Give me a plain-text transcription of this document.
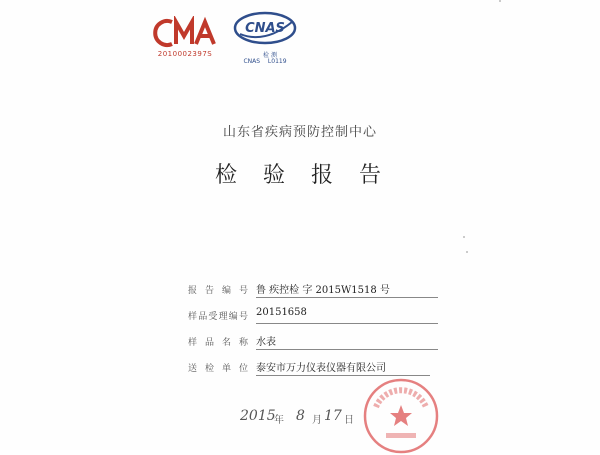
2010002397S
CNAS
检 测
CNAS L0119
山东省疾病预防控制中心
检验报告
报告编号 鲁 疾控检 字 2015W1518 号
样品受理编号 20151658
样品名称 水表
送检单位 泰安市万力仪表仪器有限公司
2015
年 8 月 17 日
